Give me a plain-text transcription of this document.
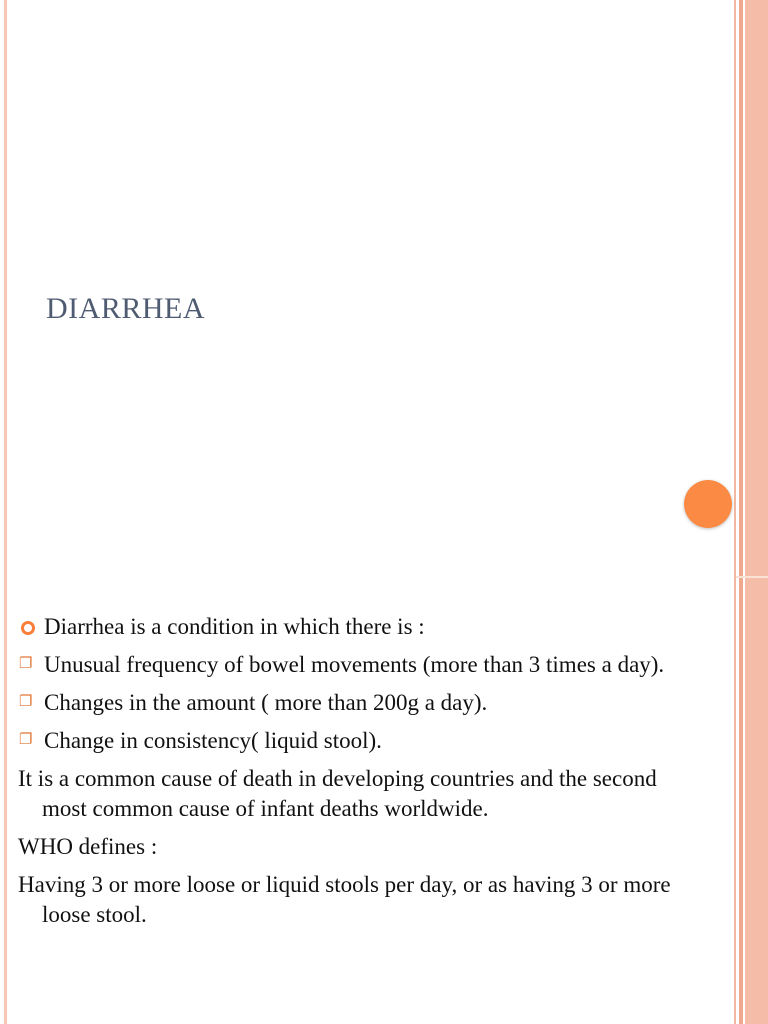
DIARRHEA
Diarrhea is a condition in which there is :
❐ Unusual frequency of bowel movements (more than 3 times a day).
❐ Changes in the amount ( more than 200g a day).
❐ Change in consistency( liquid stool).
It is a common cause of death in developing countries and the second most common cause of infant deaths worldwide.
WHO defines :
Having 3 or more loose or liquid stools per day, or as having 3 or more loose stool.
